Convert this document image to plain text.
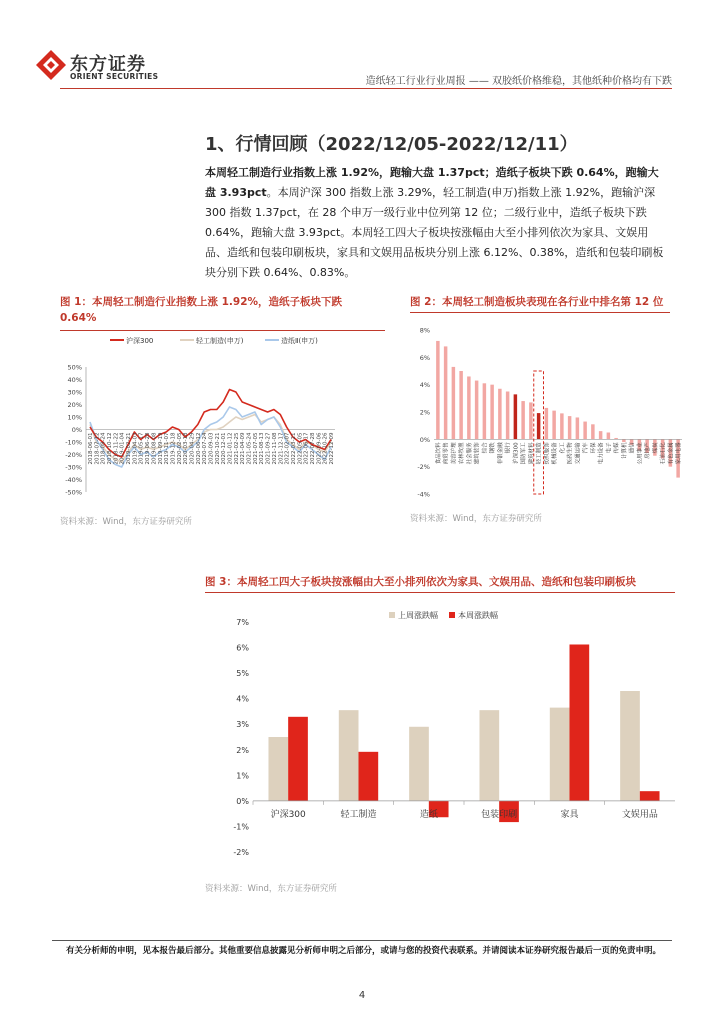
东方证券
ORIENT SECURITIES	造纸轻工行业行业周报 —— 双胶纸价格维稳，其他纸种价格均有下跌
1、行情回顾（2022/12/05-2022/12/11）
本周轻工制造行业指数上涨 1.92%，跑输大盘 1.37pct；造纸子板块下跌 0.64%，跑输大盘 3.93pct。本周沪深 300 指数上涨 3.29%，轻工制造(申万)指数上涨 1.92%，跑输沪深 300 指数 1.37pct，在 28 个申万一级行业中位列第 12 位；二级行业中，造纸子板块下跌 0.64%，跑输大盘 3.93pct。本周轻工四大子板块按涨幅由大至小排列依次为家具、文娱用品、造纸和包装印刷板块，家具和文娱用品板块分别上涨 6.12%、0.38%，造纸和包装印刷板块分别下跌 0.64%、0.83%。
图 1：本周轻工制造行业指数上涨 1.92%，造纸子板块下跌 0.64%
沪深300	轻工制造(申万)	造纸Ⅱ(申万)
50%
40%
30%
20%
10%
0%
-10%
-20%
-30%
-40%
-50%
2018-06-01 2018-07-12 2018-08-24 2018-10-12 2018-11-22 2019-01-04 2019-02-21 2019-04-03 2019-05-17 2019-06-28 2019-08-08 2019-09-19 2019-11-07 2019-12-18 2020-02-05 2020-03-18 2020-04-29 2020-06-12 2020-07-24 2020-09-03 2020-10-21 2020-12-01 2021-01-12 2021-02-25 2021-04-09 2021-05-24 2021-07-05 2021-08-13 2021-09-27 2021-11-08 2021-12-17 2022-02-07 2022-03-21 2022-05-05 2022-06-17 2022-07-28 2022-09-06 2022-10-26 2022-12-09
资料来源：Wind，东方证券研究所
图 2：本周轻工制造板块表现在各行业中排名第 12 位
8%
6%
4%
2%
0%
-2%
-4%
食品饮料 商贸零售 美容护理 农林牧渔 社会服务 建筑装饰 综合 钢铁 非银金融 银行 沪深300 国防军工 建筑材料 轻工制造 纺织服饰 机械设备 化工 医药生物 交通运输 汽车 环保 电力设备 电子 传媒 计算机 通信 公用事业 房地产 煤炭 石油石化 有色金属 家用电器
资料来源：Wind，东方证券研究所
图 3：本周轻工四大子板块按涨幅由大至小排列依次为家具、文娱用品、造纸和包装印刷板块
上周涨跌幅	本周涨跌幅
7%
6%
5%
4%
3%
2%
1%
0%
-1%
-2%
沪深300	轻工制造	造纸	包装印刷	家具	文娱用品
资料来源：Wind，东方证券研究所
有关分析师的申明，见本报告最后部分。其他重要信息披露见分析师申明之后部分，或请与您的投资代表联系。并请阅读本证券研究报告最后一页的免责申明。
4
